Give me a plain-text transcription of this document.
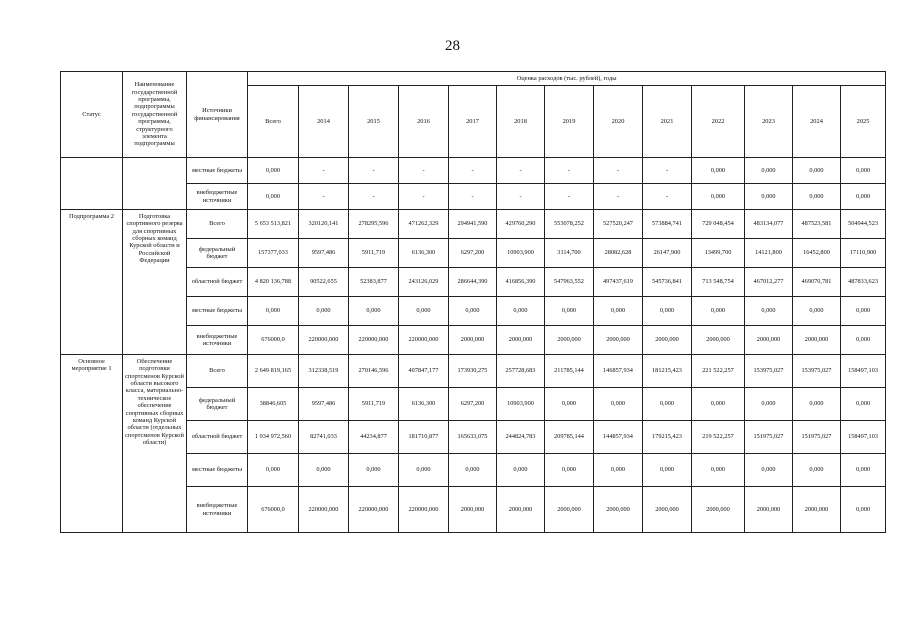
28
Статус	Наименование государственной программы, подпрограммы государственной программы, структурного элемента подпрограммы	Источники финансирования	Оценка расходов (тыс. рублей), годы												
			Всего	2014	2015	2016	2017	2018	2019	2020	2021	2022	2023	2024	2025
		местные бюджеты	0,000	-	-	-	-	-	-	-	-	0,000	0,000	0,000	0,000
		внебюджетные источники	0,000	-	-	-	-	-	-	-	-	0,000	0,000	0,000	0,000
Подпрограмма 2	Подготовка спортивного резерва для спортивных сборных команд Курской области и Российской Федерации	Всего	5 653 513,821	320120,141	278295,596	471262,329	294941,590	429760,290	553078,252	527520,247	573884,741	729 048,454	483134,077	487523,581	504944,523
		федеральный бюджет	157377,033	9597,486	5911,719	6136,300	6297,200	10903,900	3114,700	28082,628	26147,900	13499,700	14121,800	16452,800	17110,900
		областной бюджет	4 820 136,788	90522,655	52383,877	243126,029	286644,390	416856,390	547963,552	497437,619	545736,841	713 548,754	467012,277	469070,781	487833,623
		местные бюджеты	0,000	0,000	0,000	0,000	0,000	0,000	0,000	0,000	0,000	0,000	0,000	0,000	0,000
		внебюджетные источники	676000,0	220000,000	220000,000	220000,000	2000,000	2000,000	2000,000	2000,000	2000,000	2000,000	2000,000	2000,000	0,000
Основное мероприятие 1	Обеспечение подготовки спортсменов Курской области высокого класса, материально-техническое обеспечение спортивных сборных команд Курской области (отдельных спортсменов Курской области)	Всего	2 649 819,165	312338,519	270146,596	407847,177	173930,275	257728,683	211785,144	146857,934	181215,423	221 522,257	153975,027	153975,027	158497,103
		федеральный бюджет	38846,605	9597,486	5911,719	6136,300	6297,200	10903,900	0,000	0,000	0,000	0,000	0,000	0,000	0,000
		областной бюджет	1 934 972,560	82741,033	44234,877	181710,877	165633,075	244824,783	209785,144	144857,934	179215,423	219 522,257	151975,027	151975,027	158497,103
		местные бюджеты	0,000	0,000	0,000	0,000	0,000	0,000	0,000	0,000	0,000	0,000	0,000	0,000	0,000
		внебюджетные источники	676000,0	220000,000	220000,000	220000,000	2000,000	2000,000	2000,000	2000,000	2000,000	2000,000	2000,000	2000,000	0,000
